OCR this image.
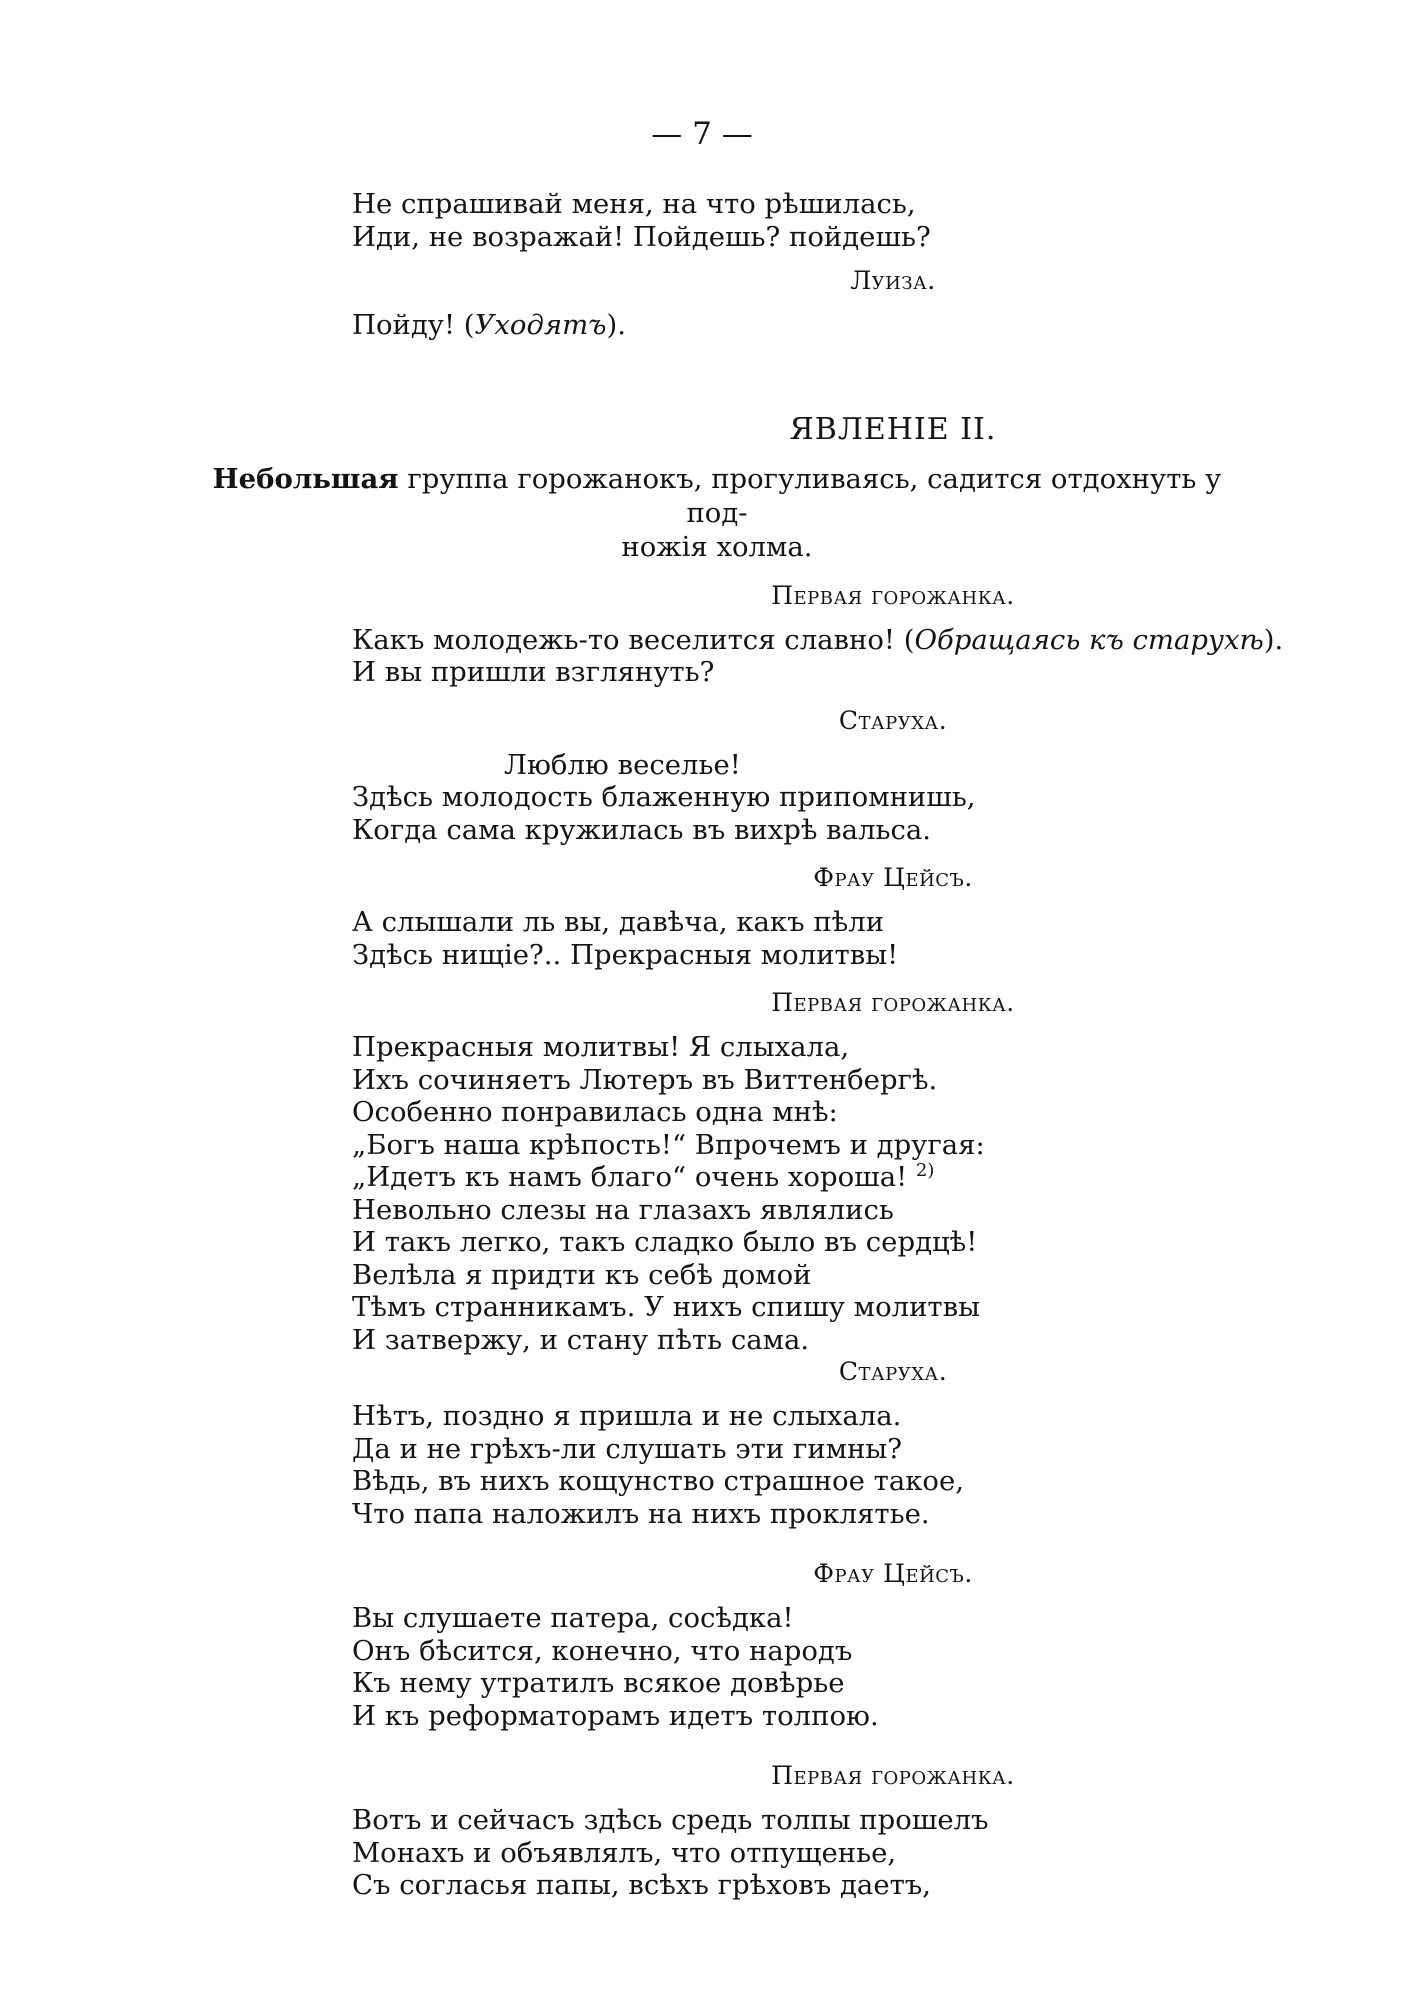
— 7 —
Не спрашивай меня, на что рѣшилась,
Иди, не возражай! Пойдешь? пойдешь?
Луиза.
Пойду! (Уходятъ).
ЯВЛЕНІЕ II.
Небольшая группа горожанокъ, прогуливаясь, садится отдохнуть у под-
ножія холма.
Первая горожанка.
Какъ молодежь-то веселится славно! (Обращаясь къ старухѣ).
И вы пришли взглянуть?
Старуха.
Люблю веселье!
Здѣсь молодость блаженную припомнишь,
Когда сама кружилась въ вихрѣ вальса.
Фрау Цейсъ.
А слышали ль вы, давѣча, какъ пѣли
Здѣсь нищіе?.. Прекрасныя молитвы!
Первая горожанка.
Прекрасныя молитвы! Я слыхала,
Ихъ сочиняетъ Лютеръ въ Виттенбергѣ.
Особенно понравилась одна мнѣ:
„Богъ наша крѣпость!“ Впрочемъ и другая:
„Идетъ къ намъ благо“ очень хороша! $^{2)}$
Невольно слезы на глазахъ являлись
И такъ легко, такъ сладко было въ сердцѣ!
Велѣла я придти къ себѣ домой
Тѣмъ странникамъ. У нихъ спишу молитвы
И затвержу, и стану пѣть сама.
Старуха.
Нѣтъ, поздно я пришла и не слыхала.
Да и не грѣхъ-ли слушать эти гимны?
Вѣдь, въ нихъ кощунство страшное такое,
Что папа наложилъ на нихъ проклятье.
Фрау Цейсъ.
Вы слушаете патера, сосѣдка!
Онъ бѣсится, конечно, что народъ
Къ нему утратилъ всякое довѣрье
И къ реформаторамъ идетъ толпою.
Первая горожанка.
Вотъ и сейчасъ здѣсь средь толпы прошелъ
Монахъ и объявлялъ, что отпущенье,
Съ согласья папы, всѣхъ грѣховъ даетъ,
